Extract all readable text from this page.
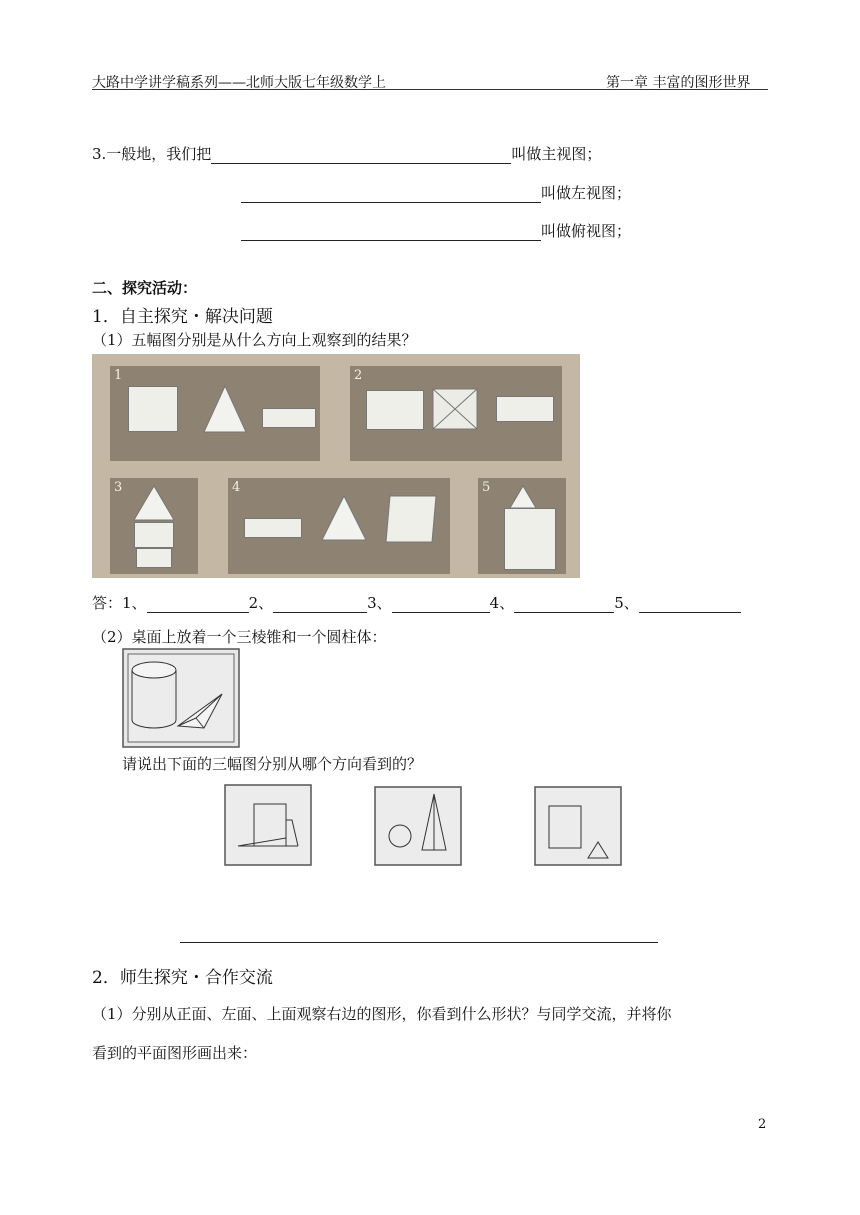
大路中学讲学稿系列——北师大版七年级数学上	第一章 丰富的图形世界
3.一般地，我们把	叫做主视图；
叫做左视图；
叫做俯视图；
二、探究活动：
1．自主探究・解决问题
（1）五幅图分别是从什么方向上观察到的结果？
1	2
3	4	5
答：1、	2、	3、	4、	5、
（2）桌面上放着一个三棱锥和一个圆柱体：
请说出下面的三幅图分别从哪个方向看到的？
2．师生探究・合作交流
（1）分别从正面、左面、上面观察右边的图形，你看到什么形状？与同学交流，并将你
看到的平面图形画出来：
2
